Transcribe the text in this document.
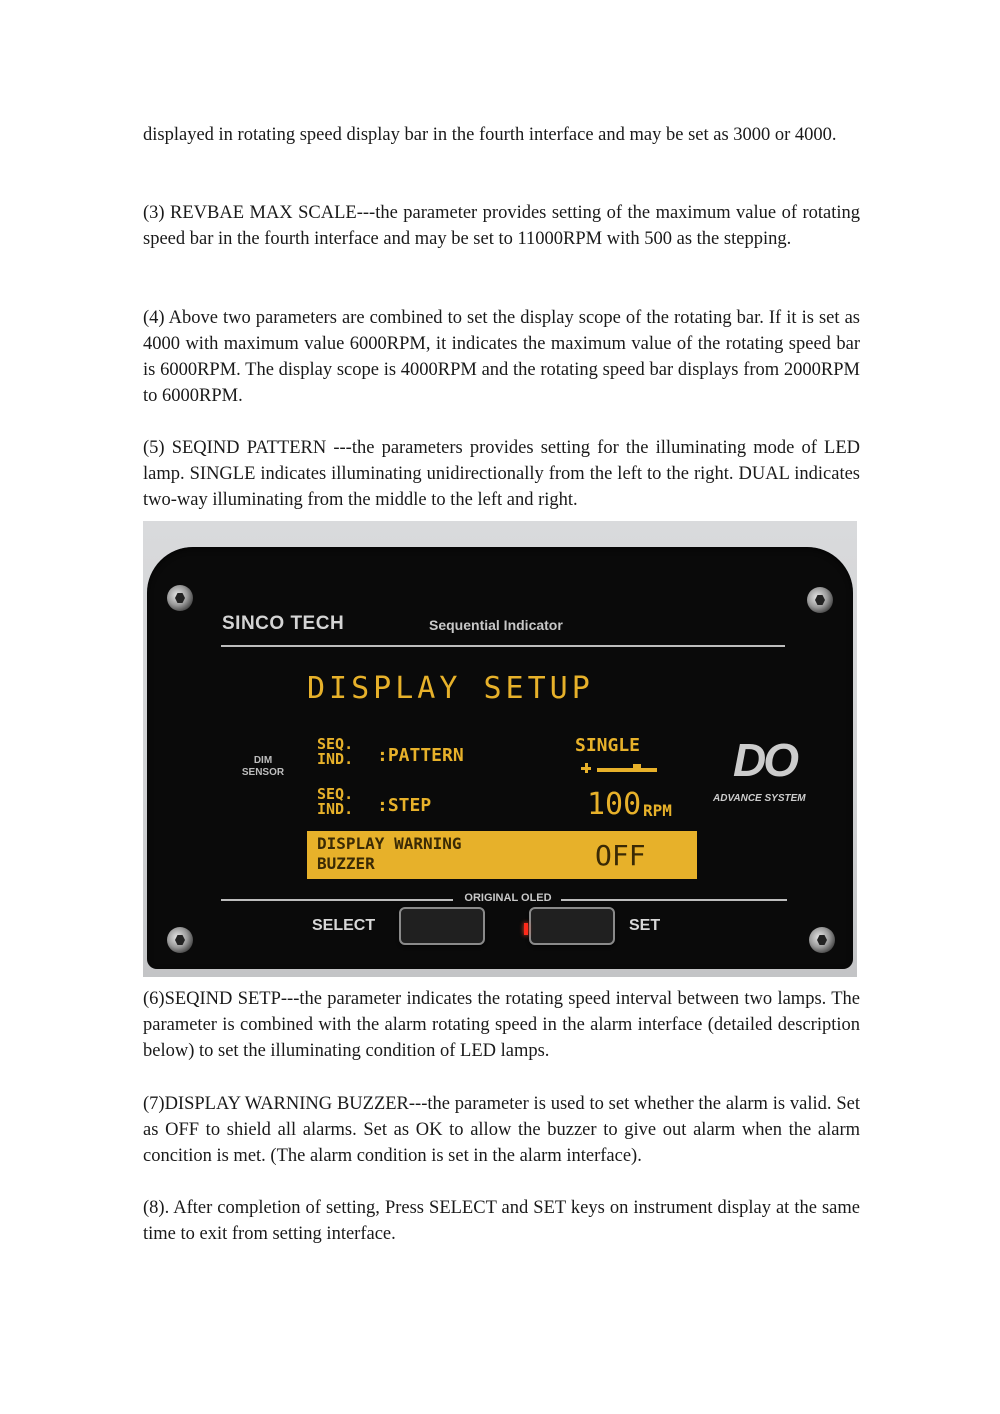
displayed in rotating speed display bar in the fourth interface and may be set as 3000 or 4000.

(3) REVBAE MAX SCALE---the parameter provides setting of the maximum value of rotating speed bar in the fourth interface and may be set to 11000RPM with 500 as the stepping.

(4) Above two parameters are combined to set the display scope of the rotating bar. If it is set as 4000 with maximum value 6000RPM, it indicates the maximum value of the rotating speed bar is 6000RPM. The display scope is 4000RPM and the rotating speed bar displays from 2000RPM to 6000RPM.

(5) SEQIND PATTERN ---the parameters provides setting for the illuminating mode of LED lamp. SINGLE indicates illuminating unidirectionally from the left to the right. DUAL indicates two-way illuminating from the middle to the left and right.

SINCO TECH	Sequential Indicator
DIM SENSOR	DO
ADVANCE SYSTEM
DISPLAY SETUP
SEQ. IND.	:PATTERN	SINGLE
SEQ. IND.	:STEP	100 RPM
DISPLAY WARNING BUZZER	OFF
ORIGINAL OLED
SELECT	SET

(6)SEQIND SETP---the parameter indicates the rotating speed interval between two lamps. The parameter is combined with the alarm rotating speed in the alarm interface (detailed description below) to set the illuminating condition of LED lamps.

(7)DISPLAY WARNING BUZZER---the parameter is used to set whether the alarm is valid. Set as OFF to shield all alarms. Set as OK to allow the buzzer to give out alarm when the alarm concition is met. (The alarm condition is set in the alarm interface).

(8). After completion of setting, Press SELECT and SET keys on instrument display at the same time to exit from setting interface.
